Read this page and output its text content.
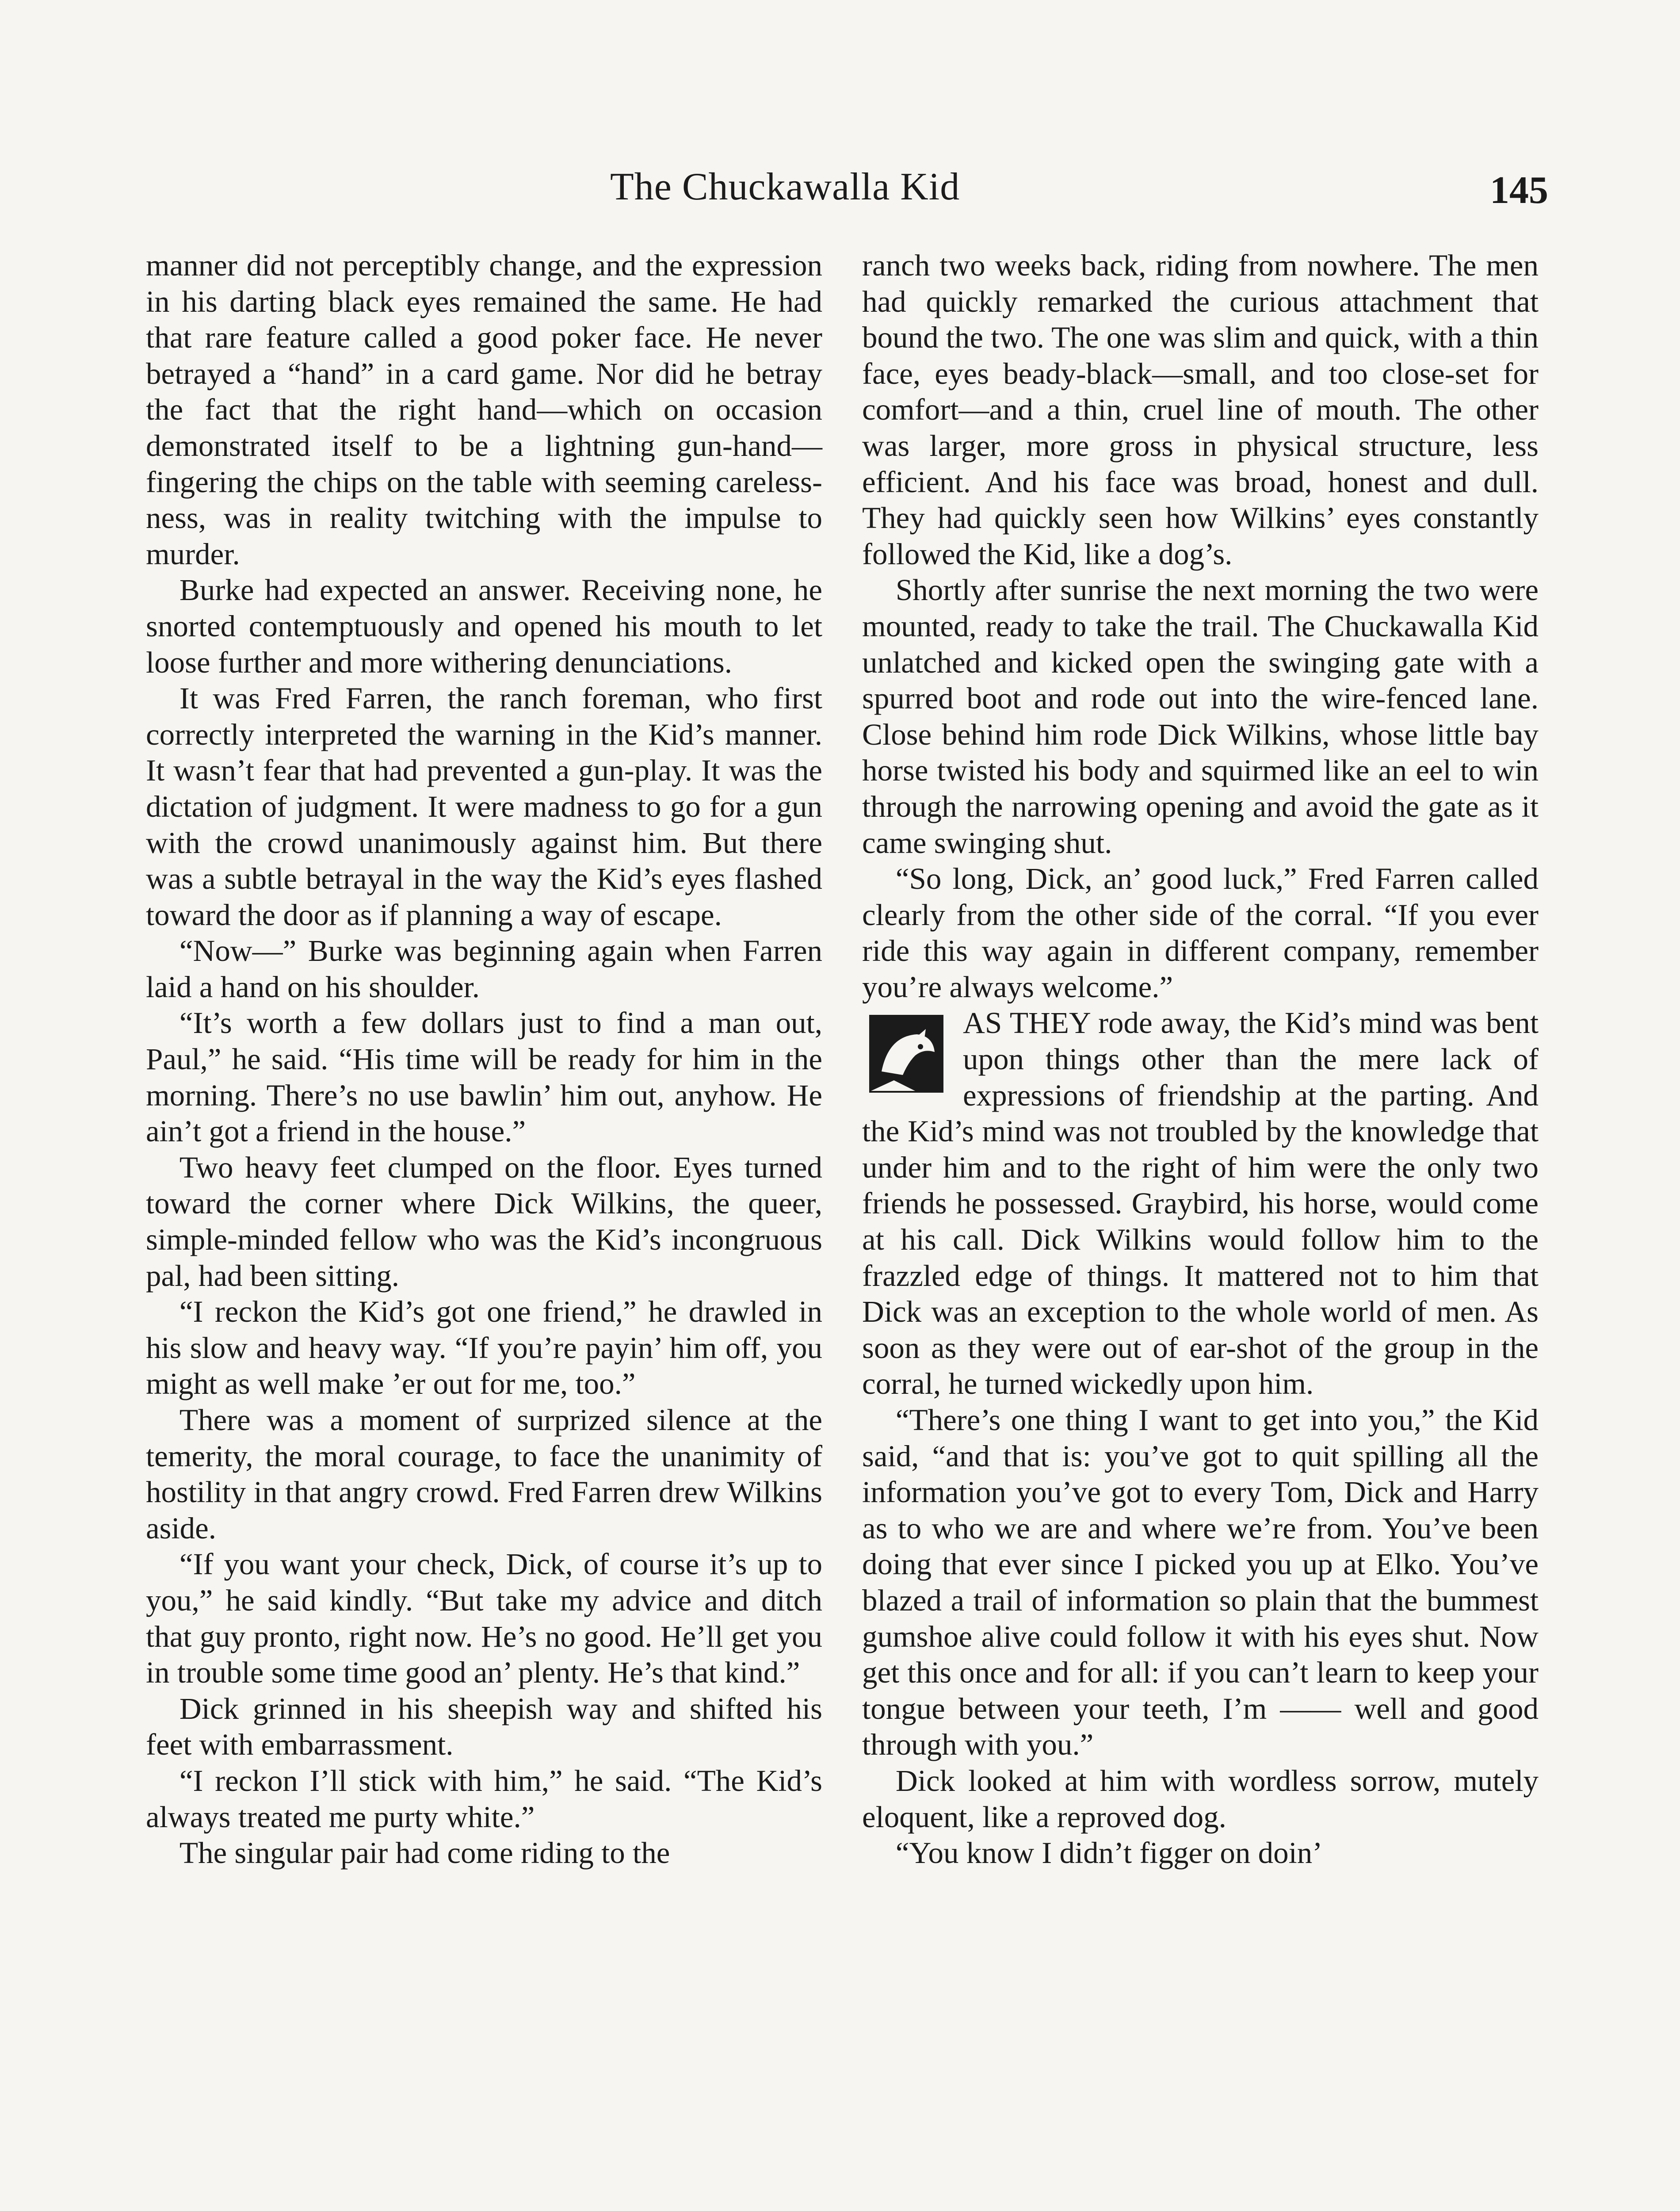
The Chuckawalla Kid	145

manner did not perceptibly change, and the expression in his darting black eyes remained the same. He had that rare feature called a good poker face. He never betrayed a “hand” in a card game. Nor did he betray the fact that the right hand—which on occasion demonstrated itself to be a lightning gun-hand—fingering the chips on the table with seeming carelessness, was in reality twitching with the impulse to murder.

Burke had expected an answer. Receiving none, he snorted contemptuously and opened his mouth to let loose further and more withering denunciations.

It was Fred Farren, the ranch foreman, who first correctly interpreted the warning in the Kid’s manner. It wasn’t fear that had prevented a gun-play. It was the dictation of judgment. It were madness to go for a gun with the crowd unanimously against him. But there was a subtle betrayal in the way the Kid’s eyes flashed toward the door as if planning a way of escape.

“Now—” Burke was beginning again when Farren laid a hand on his shoulder.

“It’s worth a few dollars just to find a man out, Paul,” he said. “His time will be ready for him in the morning. There’s no use bawlin’ him out, anyhow. He ain’t got a friend in the house.”

Two heavy feet clumped on the floor. Eyes turned toward the corner where Dick Wilkins, the queer, simple-minded fellow who was the Kid’s incongruous pal, had been sitting.

“I reckon the Kid’s got one friend,” he drawled in his slow and heavy way. “If you’re payin’ him off, you might as well make ’er out for me, too.”

There was a moment of surprized silence at the temerity, the moral courage, to face the unanimity of hostility in that angry crowd. Fred Farren drew Wilkins aside.

“If you want your check, Dick, of course it’s up to you,” he said kindly. “But take my advice and ditch that guy pronto, right now. He’s no good. He’ll get you in trouble some time good an’ plenty. He’s that kind.”

Dick grinned in his sheepish way and shifted his feet with embarrassment.

“I reckon I’ll stick with him,” he said. “The Kid’s always treated me purty white.”

The singular pair had come riding to the

ranch two weeks back, riding from nowhere. The men had quickly remarked the curious attachment that bound the two. The one was slim and quick, with a thin face, eyes beady-black—small, and too close-set for comfort—and a thin, cruel line of mouth. The other was larger, more gross in physical structure, less efficient. And his face was broad, honest and dull. They had quickly seen how Wilkins’ eyes constantly followed the Kid, like a dog’s.

Shortly after sunrise the next morning the two were mounted, ready to take the trail. The Chuckawalla Kid unlatched and kicked open the swinging gate with a spurred boot and rode out into the wire-fenced lane. Close behind him rode Dick Wilkins, whose little bay horse twisted his body and squirmed like an eel to win through the narrowing opening and avoid the gate as it came swinging shut.

“So long, Dick, an’ good luck,” Fred Farren called clearly from the other side of the corral. “If you ever ride this way again in different company, remember you’re always welcome.”

AS THEY rode away, the Kid’s mind was bent upon things other than the mere lack of expressions of friendship at the parting. And the Kid’s mind was not troubled by the knowledge that under him and to the right of him were the only two friends he possessed. Graybird, his horse, would come at his call. Dick Wilkins would follow him to the frazzled edge of things. It mattered not to him that Dick was an exception to the whole world of men. As soon as they were out of ear-shot of the group in the corral, he turned wickedly upon him.

“There’s one thing I want to get into you,” the Kid said, “and that is: you’ve got to quit spilling all the information you’ve got to every Tom, Dick and Harry as to who we are and where we’re from. You’ve been doing that ever since I picked you up at Elko. You’ve blazed a trail of information so plain that the bummest gumshoe alive could follow it with his eyes shut. Now get this once and for all: if you can’t learn to keep your tongue between your teeth, I’m —— well and good through with you.”

Dick looked at him with wordless sorrow, mutely eloquent, like a reproved dog.

“You know I didn’t figger on doin’
